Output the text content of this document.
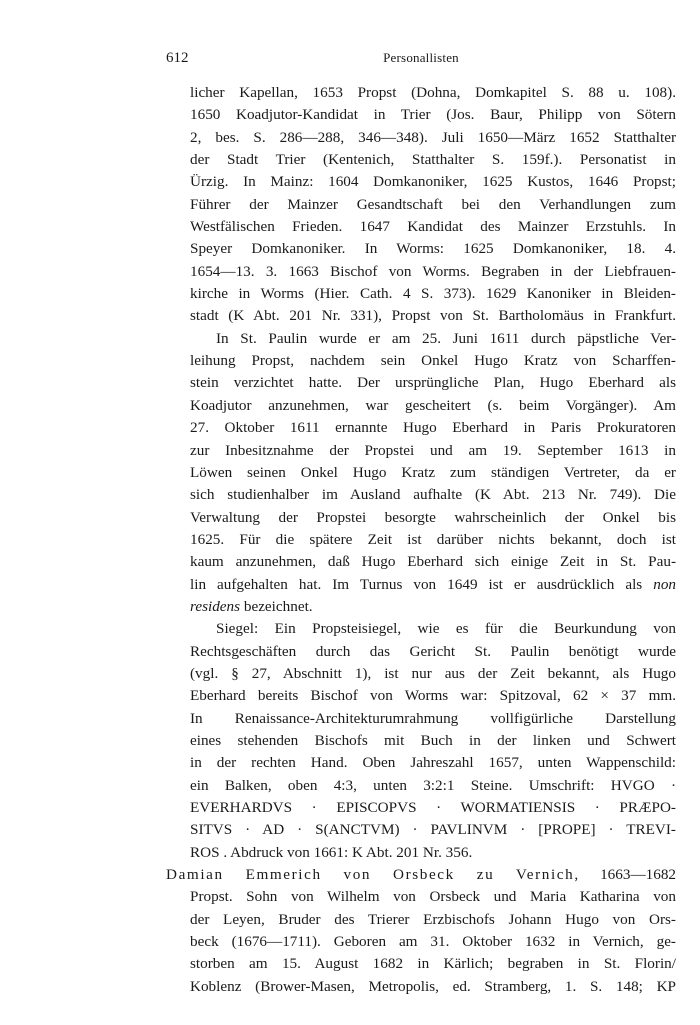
612	Personallisten
licher Kapellan, 1653 Propst (Dohna, Domkapitel S. 88 u. 108).
1650 Koadjutor-Kandidat in Trier (Jos. Baur, Philipp von Sötern
2, bes. S. 286—288, 346—348). Juli 1650—März 1652 Statthalter
der Stadt Trier (Kentenich, Statthalter S. 159f.). Personatist in
Ürzig. In Mainz: 1604 Domkanoniker, 1625 Kustos, 1646 Propst;
Führer der Mainzer Gesandtschaft bei den Verhandlungen zum
Westfälischen Frieden. 1647 Kandidat des Mainzer Erzstuhls. In
Speyer Domkanoniker. In Worms: 1625 Domkanoniker, 18. 4.
1654—13. 3. 1663 Bischof von Worms. Begraben in der Liebfrauen-
kirche in Worms (Hier. Cath. 4 S. 373). 1629 Kanoniker in Bleiden-
stadt (K Abt. 201 Nr. 331), Propst von St. Bartholomäus in Frankfurt.
In St. Paulin wurde er am 25. Juni 1611 durch päpstliche Ver-
leihung Propst, nachdem sein Onkel Hugo Kratz von Scharffen-
stein verzichtet hatte. Der ursprüngliche Plan, Hugo Eberhard als
Koadjutor anzunehmen, war gescheitert (s. beim Vorgänger). Am
27. Oktober 1611 ernannte Hugo Eberhard in Paris Prokuratoren
zur Inbesitznahme der Propstei und am 19. September 1613 in
Löwen seinen Onkel Hugo Kratz zum ständigen Vertreter, da er
sich studienhalber im Ausland aufhalte (K Abt. 213 Nr. 749). Die
Verwaltung der Propstei besorgte wahrscheinlich der Onkel bis
1625. Für die spätere Zeit ist darüber nichts bekannt, doch ist
kaum anzunehmen, daß Hugo Eberhard sich einige Zeit in St. Pau-
lin aufgehalten hat. Im Turnus von 1649 ist er ausdrücklich als non
residens bezeichnet.
Siegel: Ein Propsteisiegel, wie es für die Beurkundung von
Rechtsgeschäften durch das Gericht St. Paulin benötigt wurde
(vgl. § 27, Abschnitt 1), ist nur aus der Zeit bekannt, als Hugo
Eberhard bereits Bischof von Worms war: Spitzoval, 62 × 37 mm.
In Renaissance-Architekturumrahmung vollfigürliche Darstellung
eines stehenden Bischofs mit Buch in der linken und Schwert
in der rechten Hand. Oben Jahreszahl 1657, unten Wappenschild:
ein Balken, oben 4:3, unten 3:2:1 Steine. Umschrift: HVGO ·
EVERHARDVS · EPISCOPVS · WORMATIENSIS · PRÆPO-
SITVS · AD · S(ANCTVM) · PAVLINVM · [PROPE] · TREVI-
ROS . Abdruck von 1661: K Abt. 201 Nr. 356.
Damian Emmerich von Orsbeck zu Vernich, 1663—1682
Propst. Sohn von Wilhelm von Orsbeck und Maria Katharina von
der Leyen, Bruder des Trierer Erzbischofs Johann Hugo von Ors-
beck (1676—1711). Geboren am 31. Oktober 1632 in Vernich, ge-
storben am 15. August 1682 in Kärlich; begraben in St. Florin/
Koblenz (Brower-Masen, Metropolis, ed. Stramberg, 1. S. 148; KP
